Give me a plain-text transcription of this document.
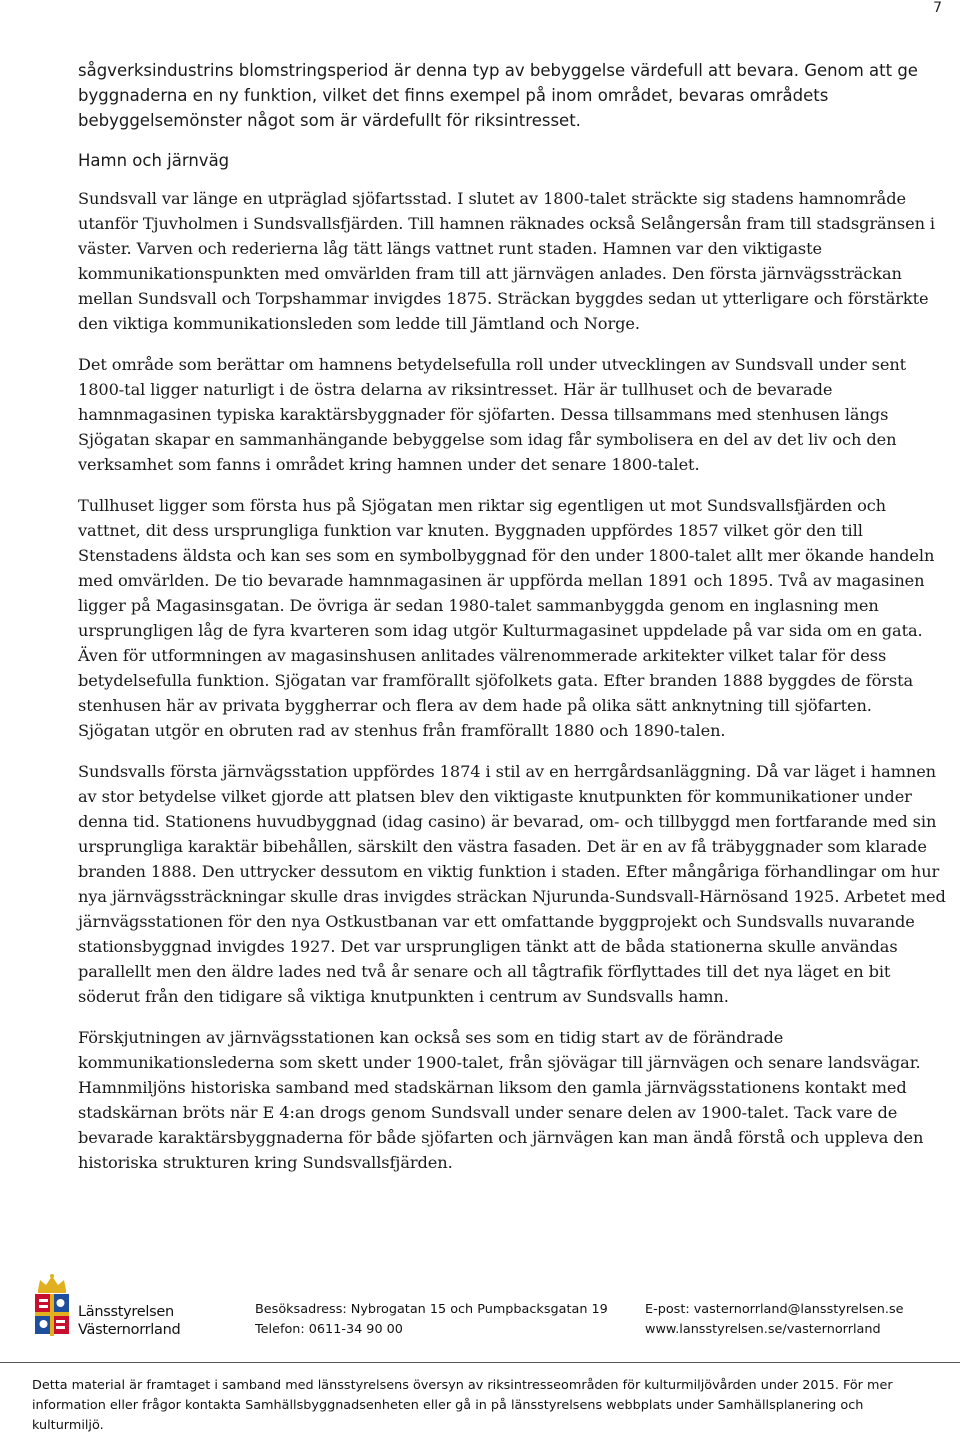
7

sågverksindustrins blomstringsperiod är denna typ av bebyggelse värdefull att bevara. Genom att ge byggnaderna en ny funktion, vilket det finns exempel på inom området, bevaras områdets bebyggelsemönster något som är värdefullt för riksintresset.

Hamn och järnväg

Sundsvall var länge en utpräglad sjöfartsstad. I slutet av 1800-talet sträckte sig stadens hamnområde utanför Tjuvholmen i Sundsvallsfjärden. Till hamnen räknades också Selångersån fram till stadsgränsen i väster. Varven och rederierna låg tätt längs vattnet runt staden. Hamnen var den viktigaste kommunikationspunkten med omvärlden fram till att järnvägen anlades. Den första järnvägssträckan mellan Sundsvall och Torpshammar invigdes 1875. Sträckan byggdes sedan ut ytterligare och förstärkte den viktiga kommunikationsleden som ledde till Jämtland och Norge.

Det område som berättar om hamnens betydelsefulla roll under utvecklingen av Sundsvall under sent 1800-tal ligger naturligt i de östra delarna av riksintresset. Här är tullhuset och de bevarade hamnmagasinen typiska karaktärsbyggnader för sjöfarten. Dessa tillsammans med stenhusen längs Sjögatan skapar en sammanhängande bebyggelse som idag får symbolisera en del av det liv och den verksamhet som fanns i området kring hamnen under det senare 1800-talet.

Tullhuset ligger som första hus på Sjögatan men riktar sig egentligen ut mot Sundsvallsfjärden och vattnet, dit dess ursprungliga funktion var knuten. Byggnaden uppfördes 1857 vilket gör den till Stenstadens äldsta och kan ses som en symbolbyggnad för den under 1800-talet allt mer ökande handeln med omvärlden. De tio bevarade hamnmagasinen är uppförda mellan 1891 och 1895. Två av magasinen ligger på Magasinsgatan. De övriga är sedan 1980-talet sammanbyggda genom en inglasning men ursprungligen låg de fyra kvarteren som idag utgör Kulturmagasinet uppdelade på var sida om en gata. Även för utformningen av magasinshusen anlitades välrenommerade arkitekter vilket talar för dess betydelsefulla funktion. Sjögatan var framförallt sjöfolkets gata. Efter branden 1888 byggdes de första stenhusen här av privata byggherrar och flera av dem hade på olika sätt anknytning till sjöfarten. Sjögatan utgör en obruten rad av stenhus från framförallt 1880 och 1890-talen.

Sundsvalls första järnvägsstation uppfördes 1874 i stil av en herrgårdsanläggning. Då var läget i hamnen av stor betydelse vilket gjorde att platsen blev den viktigaste knutpunkten för kommunikationer under denna tid. Stationens huvudbyggnad (idag casino) är bevarad, om- och tillbyggd men fortfarande med sin ursprungliga karaktär bibehållen, särskilt den västra fasaden. Det är en av få träbyggnader som klarade branden 1888. Den uttrycker dessutom en viktig funktion i staden. Efter mångåriga förhandlingar om hur nya järnvägssträckningar skulle dras invigdes sträckan Njurunda-Sundsvall-Härnösand 1925. Arbetet med järnvägsstationen för den nya Ostkustbanan var ett omfattande byggprojekt och Sundsvalls nuvarande stationsbyggnad invigdes 1927. Det var ursprungligen tänkt att de båda stationerna skulle användas parallellt men den äldre lades ned två år senare och all tågtrafik förflyttades till det nya läget en bit söderut från den tidigare så viktiga knutpunkten i centrum av Sundsvalls hamn.

Förskjutningen av järnvägsstationen kan också ses som en tidig start av de förändrade kommunikationslederna som skett under 1900-talet, från sjövägar till järnvägen och senare landsvägar. Hamnmiljöns historiska samband med stadskärnan liksom den gamla järnvägsstationens kontakt med stadskärnan bröts när E 4:an drogs genom Sundsvall under senare delen av 1900-talet. Tack vare de bevarade karaktärsbyggnaderna för både sjöfarten och järnvägen kan man ändå förstå och uppleva den historiska strukturen kring Sundsvallsfjärden.

Länsstyrelsen
Västernorrland
Besöksadress: Nybrogatan 15 och Pumpbacksgatan 19
Telefon: 0611-34 90 00
E-post: vasternorrland@lansstyrelsen.se
www.lansstyrelsen.se/vasternorrland
Detta material är framtaget i samband med länsstyrelsens översyn av riksintresseområden för kulturmiljövården under 2015. För mer information eller frågor kontakta Samhällsbyggnadsenheten eller gå in på länsstyrelsens webbplats under Samhällsplanering och kulturmiljö.
